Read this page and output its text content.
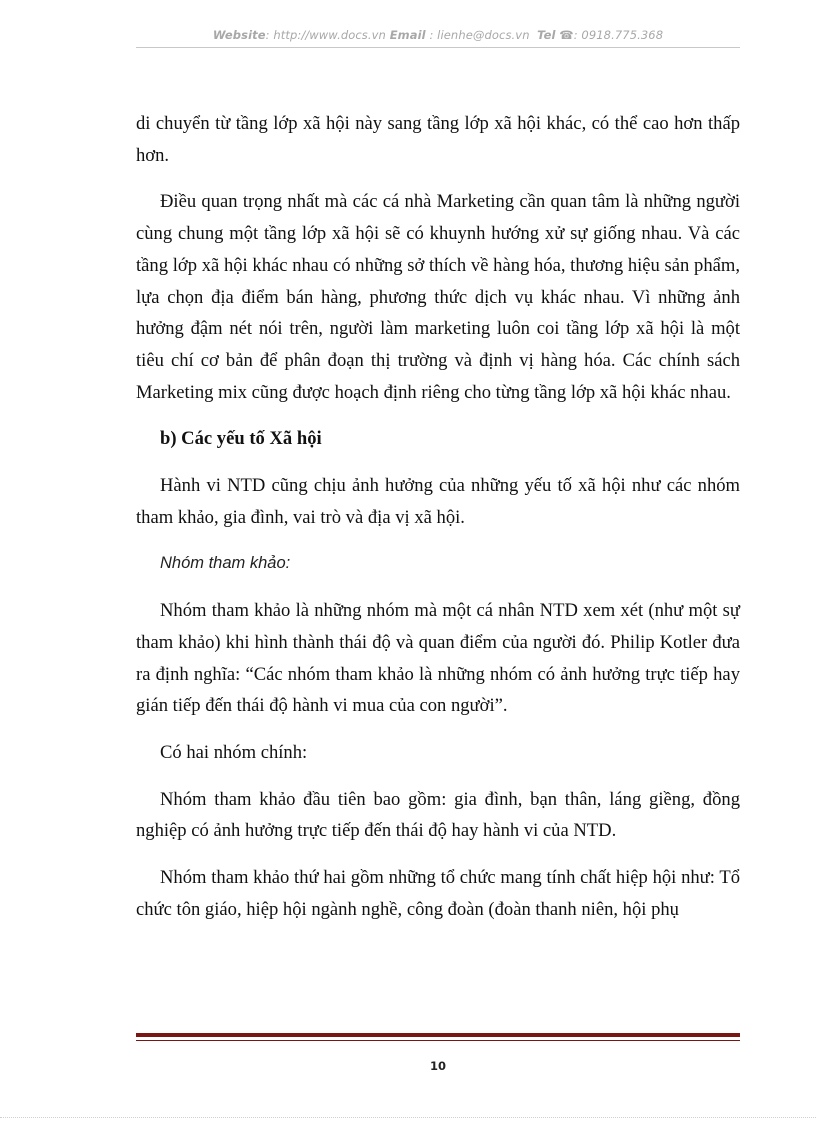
Website: http://www.docs.vn Email : lienhe@docs.vn Tel ☎: 0918.775.368

di chuyển từ tầng lớp xã hội này sang tầng lớp xã hội khác, có thể cao hơn thấp hơn.

Điều quan trọng nhất mà các cá nhà Marketing cần quan tâm là những người cùng chung một tầng lớp xã hội sẽ có khuynh hướng xử sự giống nhau. Và các tầng lớp xã hội khác nhau có những sở thích về hàng hóa, thương hiệu sản phẩm, lựa chọn địa điểm bán hàng, phương thức dịch vụ khác nhau. Vì những ảnh hưởng đậm nét nói trên, người làm marketing luôn coi tầng lớp xã hội là một tiêu chí cơ bản để phân đoạn thị trường và định vị hàng hóa. Các chính sách Marketing mix cũng được hoạch định riêng cho từng tầng lớp xã hội khác nhau.

b) Các yếu tố Xã hội

Hành vi NTD cũng chịu ảnh hưởng của những yếu tố xã hội như các nhóm tham khảo, gia đình, vai trò và địa vị xã hội.

Nhóm tham khảo:

Nhóm tham khảo là những nhóm mà một cá nhân NTD xem xét (như một sự tham khảo) khi hình thành thái độ và quan điểm của người đó. Philip Kotler đưa ra định nghĩa: “Các nhóm tham khảo là những nhóm có ảnh hưởng trực tiếp hay gián tiếp đến thái độ hành vi mua của con người”.

Có hai nhóm chính:

Nhóm tham khảo đầu tiên bao gồm: gia đình, bạn thân, láng giềng, đồng nghiệp có ảnh hưởng trực tiếp đến thái độ hay hành vi của NTD.

Nhóm tham khảo thứ hai gồm những tổ chức mang tính chất hiệp hội như: Tổ chức tôn giáo, hiệp hội ngành nghề, công đoàn (đoàn thanh niên, hội phụ

10
